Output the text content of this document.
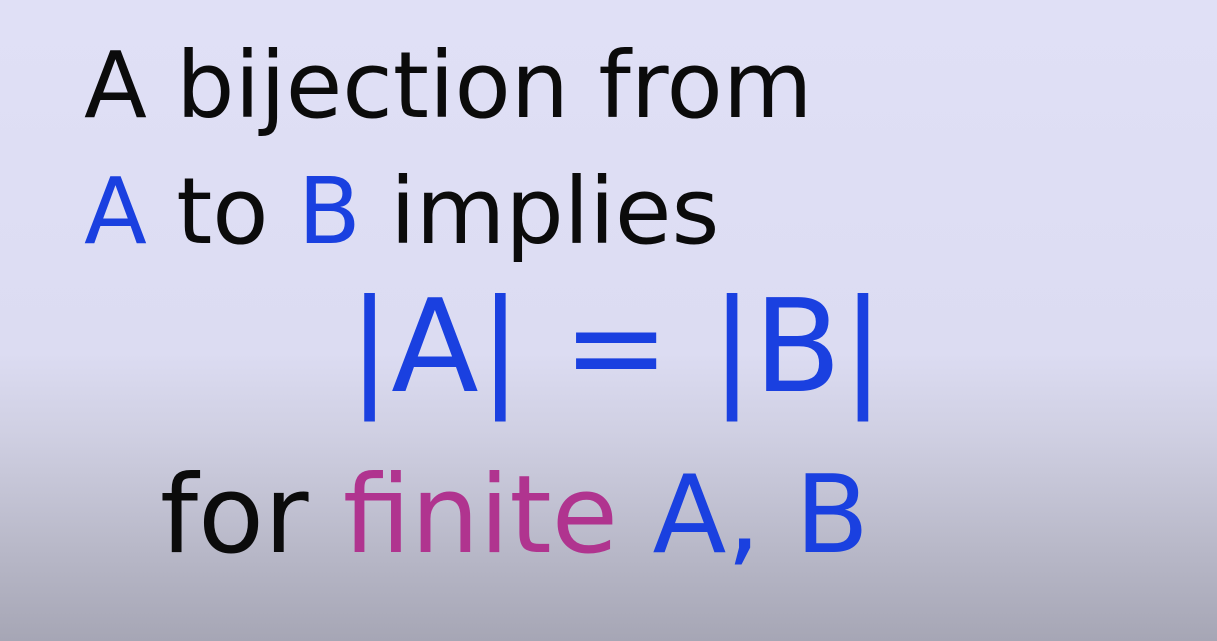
A bijection from
A to B implies
|A| = |B|
for finite A, B
